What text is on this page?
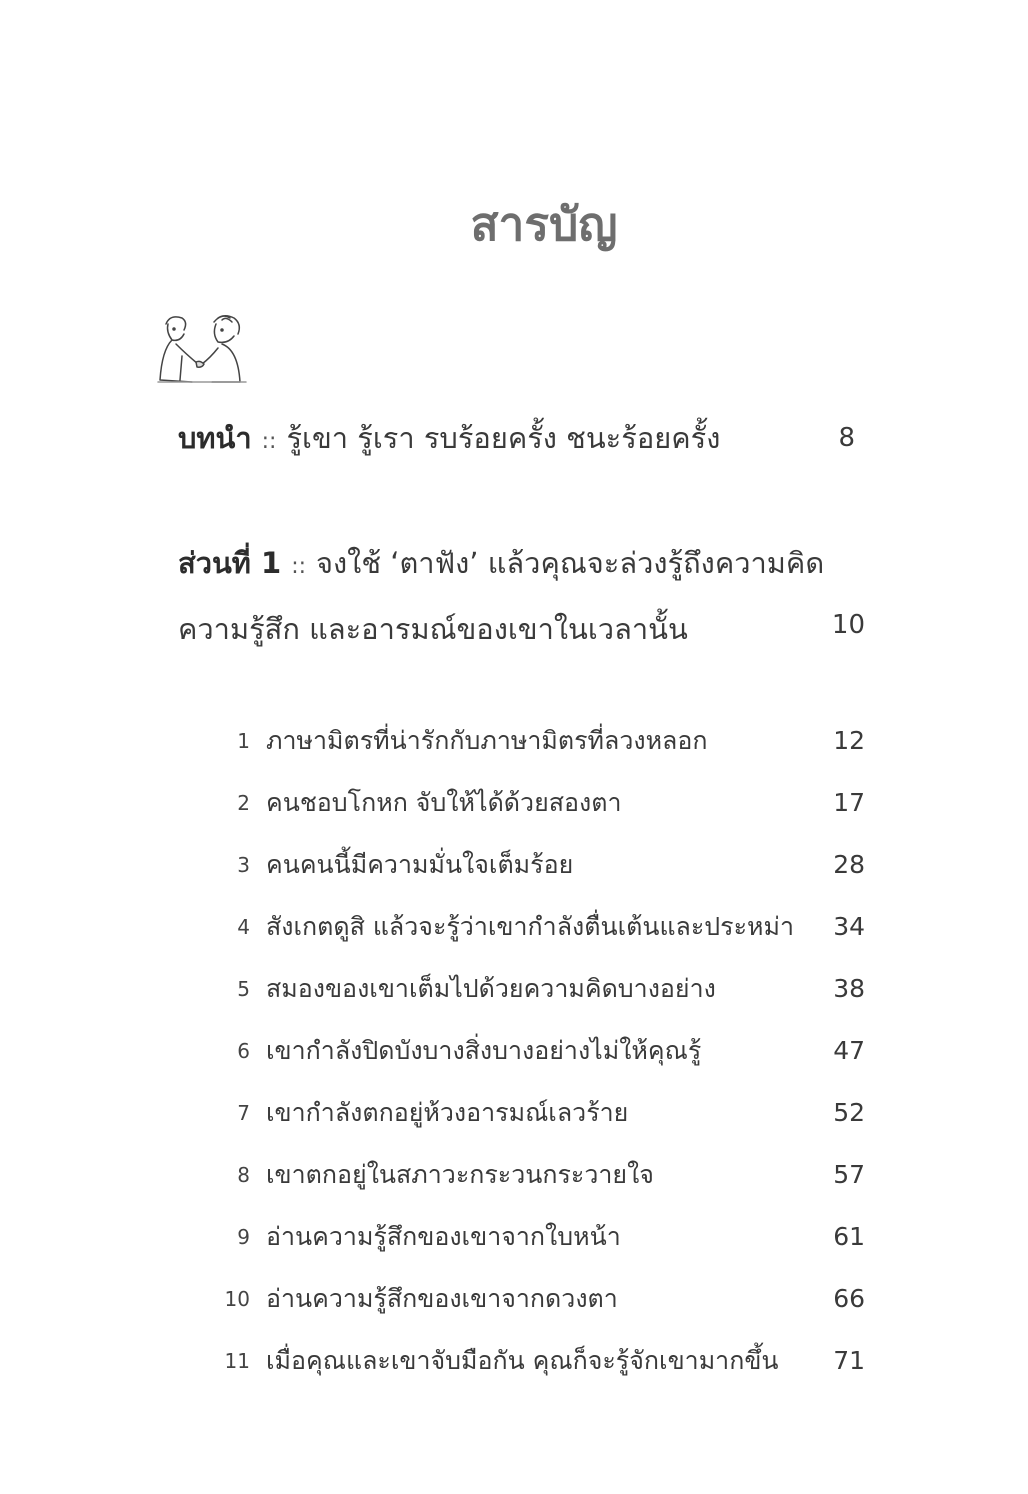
สารบัญ
บทนำ :: รู้เขา รู้เรา รบร้อยครั้ง ชนะร้อยครั้ง	8
ส่วนที่ 1 :: จงใช้ ‘ตาฟัง’ แล้วคุณจะล่วงรู้ถึงความคิด
ความรู้สึก และอารมณ์ของเขาในเวลานั้น	10
1 ภาษามิตรที่น่ารักกับภาษามิตรที่ลวงหลอก	12
2 คนชอบโกหก จับให้ได้ด้วยสองตา	17
3 คนคนนี้มีความมั่นใจเต็มร้อย	28
4 สังเกตดูสิ แล้วจะรู้ว่าเขากำลังตื่นเต้นและประหม่า	34
5 สมองของเขาเต็มไปด้วยความคิดบางอย่าง	38
6 เขากำลังปิดบังบางสิ่งบางอย่างไม่ให้คุณรู้	47
7 เขากำลังตกอยู่ห้วงอารมณ์เลวร้าย	52
8 เขาตกอยู่ในสภาวะกระวนกระวายใจ	57
9 อ่านความรู้สึกของเขาจากใบหน้า	61
10 อ่านความรู้สึกของเขาจากดวงตา	66
11 เมื่อคุณและเขาจับมือกัน คุณก็จะรู้จักเขามากขึ้น	71
